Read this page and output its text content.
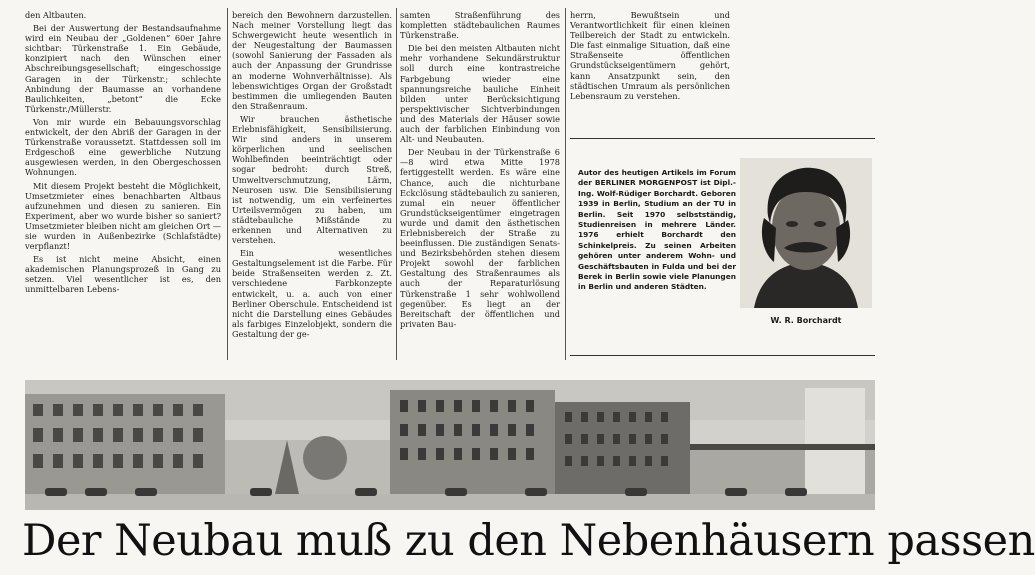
den Altbauten.

Bei der Auswertung der Bestandsaufnahme wird ein Neubau der „Goldenen“ 60er Jahre sichtbar: Türkenstraße 1. Ein Gebäude, konzipiert nach den Wünschen einer Abschreibungsgesellschaft; eingeschossige Garagen in der Türkenstr.; schlechte Anbindung der Baumasse an vorhandene Baulichkeiten, „betont“ die Ecke Türkenstr./Müllerstr.

Von mir wurde ein Bebauungsvorschlag entwickelt, der den Abriß der Garagen in der Türkenstraße voraussetzt. Stattdessen soll im Erdgeschoß eine gewerbliche Nutzung ausgewiesen werden, in den Obergeschossen Wohnungen.

Mit diesem Projekt besteht die Möglichkeit, Umsetzmieter eines benachbarten Altbaus aufzunehmen und diesen zu sanieren. Ein Experiment, aber wo wurde bisher so saniert? Umsetzmieter bleiben nicht am gleichen Ort — sie wurden in Außenbezirke (Schlafstädte) verpflanzt!

Es ist nicht meine Absicht, einen akademischen Planungsprozeß in Gang zu setzen. Viel wesentlicher ist es, den unmittelbaren Lebens-

bereich den Bewohnern darzustellen. Nach meiner Vorstellung liegt das Schwergewicht heute wesentlich in der Neugestaltung der Baumassen (sowohl Sanierung der Fassaden als auch der Anpassung der Grundrisse an moderne Wohnverhältnisse). Als lebenswichtiges Organ der Großstadt bestimmen die umliegenden Bauten den Straßenraum.

Wir brauchen ästhetische Erlebnisfähigkeit, Sensibilisierung. Wir sind anders in unserem körperlichen und seelischen Wohlbefinden beeinträchtigt oder sogar bedroht: durch Streß, Umweltverschmutzung, Lärm, Neurosen usw. Die Sensibilisierung ist notwendig, um ein verfeinertes Urteilsvermögen zu haben, um städtebauliche Mißstände zu erkennen und Alternativen zu verstehen.

Ein wesentliches Gestaltungselement ist die Farbe. Für beide Straßenseiten werden z. Zt. verschiedene Farbkonzepte entwickelt, u. a. auch von einer Berliner Oberschule. Entscheidend ist nicht die Darstellung eines Gebäudes als farbiges Einzelobjekt, sondern die Gestaltung der ge-

samten Straßenführung des kompletten städtebaulichen Raumes Türkenstraße.

Die bei den meisten Altbauten nicht mehr vorhandene Sekundärstruktur soll durch eine kontrastreiche Farbgebung wieder eine spannungsreiche bauliche Einheit bilden unter Berücksichtigung perspektivischer Sichtverbindungen und des Materials der Häuser sowie auch der farblichen Einbindung von Alt- und Neubauten.

Der Neubau in der Türkenstraße 6—8 wird etwa Mitte 1978 fertiggestellt werden. Es wäre eine Chance, auch die nichturbane Eckclösung städtebaulich zu sanieren, zumal ein neuer öffentlicher Grundstückseigentümer eingetragen wurde und damit den ästhetischen Erlebnisbereich der Straße zu beeinflussen. Die zuständigen Senats- und Bezirksbehörden stehen diesem Projekt sowohl der farblichen Gestaltung des Straßenraumes als auch der Reparaturlösung Türkenstraße 1 sehr wohlwollend gegenüber. Es liegt an der Bereitschaft der öffentlichen und privaten Bau-

herrn, Bewußtsein und Verantwortlichkeit für einen kleinen Teilbereich der Stadt zu entwickeln. Die fast einmalige Situation, daß eine Straßenseite öffentlichen Grundstückseigentümern gehört, kann Ansatzpunkt sein, den städtischen Umraum als persönlichen Lebensraum zu verstehen.

Autor des heutigen Artikels im Forum der BERLINER MORGENPOST ist Dipl.-Ing. Wolf-Rüdiger Borchardt. Geboren 1939 in Berlin, Studium an der TU in Berlin. Seit 1970 selbstständig, Studienreisen in mehrere Länder. 1976 erhielt Borchardt den Schinkelpreis. Zu seinen Arbeiten gehören unter anderem Wohn- und Geschäftsbauten in Fulda und bei der Berek in Berlin sowie viele Planungen in Berlin und anderen Städten.
W. R. Borchardt
Der Neubau muß zu den Nebenhäusern passen
